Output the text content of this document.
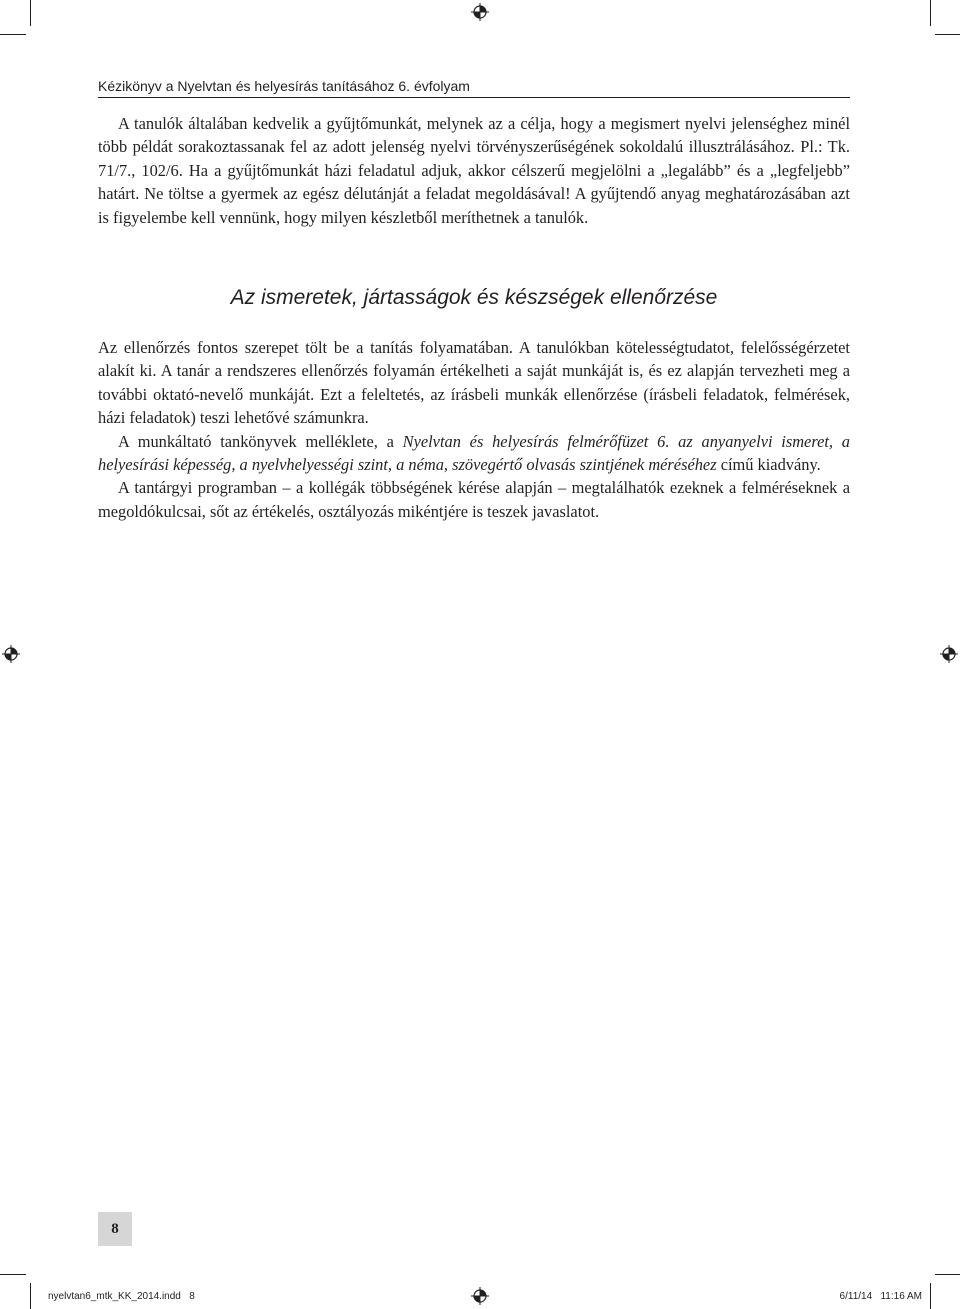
Kézikönyv a Nyelvtan és helyesírás tanításához 6. évfolyam

A tanulók általában kedvelik a gyűjtőmunkát, melynek az a célja, hogy a megismert nyelvi jelenséghez minél több példát sorakoztassanak fel az adott jelenség nyelvi törvényszerűségének sokoldalú illusztrálásához. Pl.: Tk. 71/7., 102/6. Ha a gyűjtőmunkát házi feladatul adjuk, akkor célszerű megjelölni a „legalább” és a „legfeljebb” határt. Ne töltse a gyermek az egész délutánját a feladat megoldásával! A gyűjtendő anyag meghatározásában azt is figyelembe kell vennünk, hogy milyen készletből meríthetnek a tanulók.

Az ismeretek, jártasságok és készségek ellenőrzése

Az ellenőrzés fontos szerepet tölt be a tanítás folyamatában. A tanulókban kötelességtudatot, felelősségérzetet alakít ki. A tanár a rendszeres ellenőrzés folyamán értékelheti a saját munkáját is, és ez alapján tervezheti meg a további oktató-nevelő munkáját. Ezt a feleltetés, az írásbeli munkák ellenőrzése (írásbeli feladatok, felmérések, házi feladatok) teszi lehetővé számunkra.

A munkáltató tankönyvek melléklete, a Nyelvtan és helyesírás felmérőfüzet 6. az anyanyelvi ismeret, a helyesírási képesség, a nyelvhelyességi szint, a néma, szövegértő olvasás szintjének méréséhez című kiadvány.

A tantárgyi programban – a kollégák többségének kérése alapján – megtalálhatók ezeknek a felméréseknek a megoldókulcsai, sőt az értékelés, osztályozás mikéntjére is teszek javaslatot.

8
nyelvtan6_mtk_KK_2014.indd   8	6/11/14   11:16 AM
